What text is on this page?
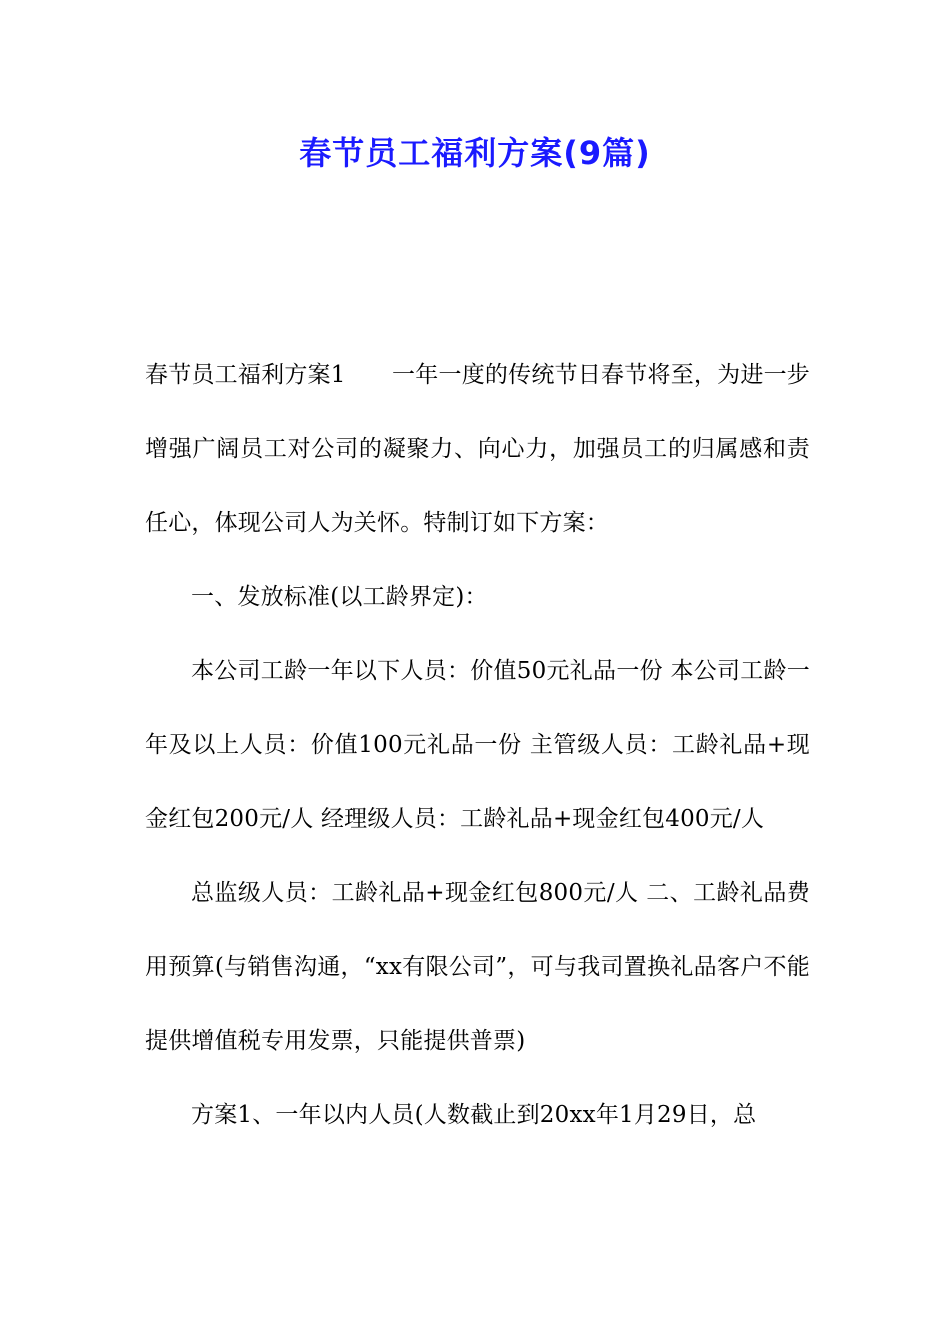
春节员工福利方案(9篇)

春节员工福利方案1　　一年一度的传统节日春节将至，为进一步增强广阔员工对公司的凝聚力、向心力，加强员工的归属感和责任心，体现公司人为关怀。特制订如下方案：

一、发放标准(以工龄界定)：

本公司工龄一年以下人员：价值50元礼品一份 本公司工龄一年及以上人员：价值100元礼品一份 主管级人员：工龄礼品+现金红包200元/人 经理级人员：工龄礼品+现金红包400元/人

总监级人员：工龄礼品+现金红包800元/人 二、工龄礼品费用预算(与销售沟通，“xx有限公司”，可与我司置换礼品客户不能提供增值税专用发票，只能提供普票)

方案1、一年以内人员(人数截止到20xx年1月29日，总
